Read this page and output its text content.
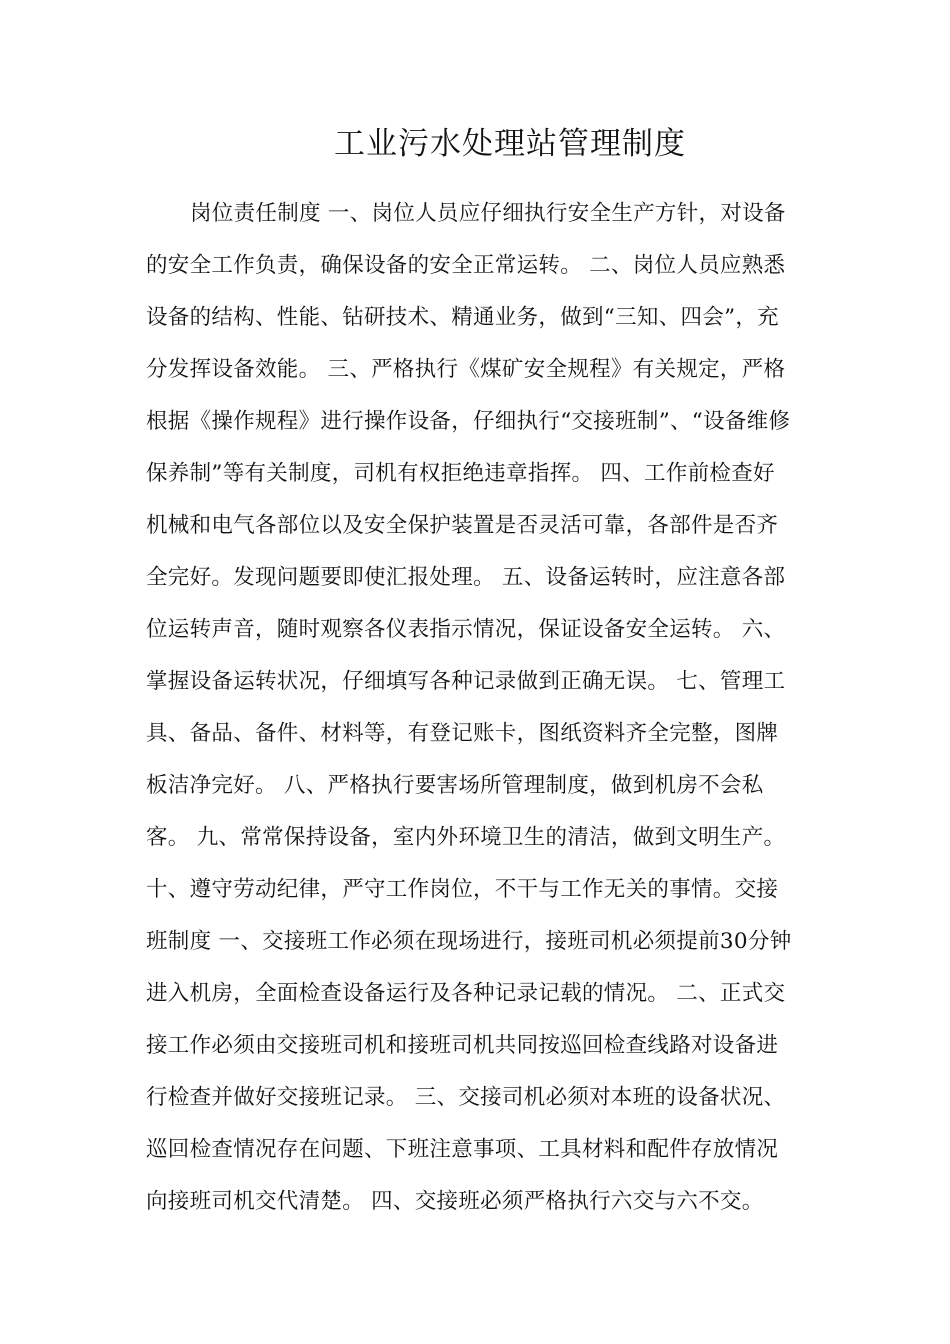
工业污水处理站管理制度
岗位责任制度 一、岗位人员应仔细执行安全生产方针，对设备
的安全工作负责，确保设备的安全正常运转。 二、岗位人员应熟悉
设备的结构、性能、钻研技术、精通业务，做到“三知、四会”，充
分发挥设备效能。 三、严格执行《煤矿安全规程》有关规定，严格
根据《操作规程》进行操作设备，仔细执行“交接班制”、“设备维修
保养制”等有关制度，司机有权拒绝违章指挥。 四、工作前检查好
机械和电气各部位以及安全保护装置是否灵活可靠，各部件是否齐
全完好。发现问题要即使汇报处理。 五、设备运转时，应注意各部
位运转声音，随时观察各仪表指示情况，保证设备安全运转。 六、
掌握设备运转状况，仔细填写各种记录做到正确无误。 七、管理工
具、备品、备件、材料等，有登记账卡，图纸资料齐全完整，图牌
板洁净完好。 八、严格执行要害场所管理制度，做到机房不会私
客。 九、常常保持设备，室内外环境卫生的清洁，做到文明生产。
十、遵守劳动纪律，严守工作岗位，不干与工作无关的事情。交接
班制度 一、交接班工作必须在现场进行，接班司机必须提前30分钟
进入机房，全面检查设备运行及各种记录记载的情况。 二、正式交
接工作必须由交接班司机和接班司机共同按巡回检查线路对设备进
行检查并做好交接班记录。 三、交接司机必须对本班的设备状况、
巡回检查情况存在问题、下班注意事项、工具材料和配件存放情况
向接班司机交代清楚。 四、交接班必须严格执行六交与六不交。
